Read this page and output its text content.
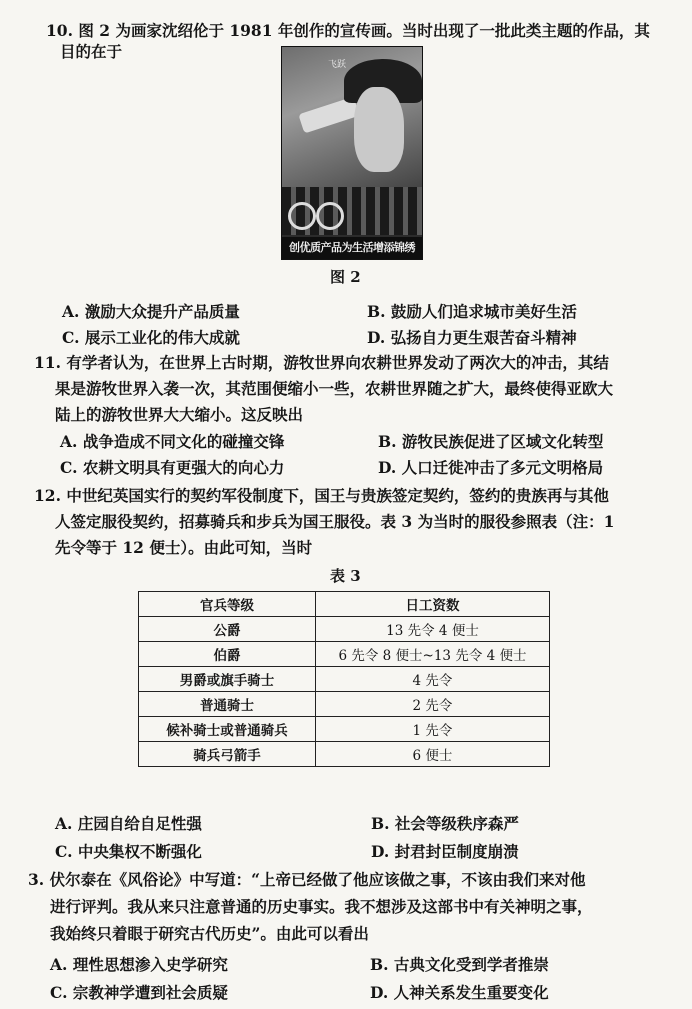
10. 图 2 为画家沈绍伦于 1981 年创作的宣传画。当时出现了一批此类主题的作品，其
目的在于
飞跃
创优质产品为生活增添锦绣
图 2
A. 激励大众提升产品质量	B. 鼓励人们追求城市美好生活
C. 展示工业化的伟大成就	D. 弘扬自力更生艰苦奋斗精神
11. 有学者认为，在世界上古时期，游牧世界向农耕世界发动了两次大的冲击，其结
果是游牧世界入袭一次，其范围便缩小一些，农耕世界随之扩大，最终使得亚欧大
陆上的游牧世界大大缩小。这反映出
A. 战争造成不同文化的碰撞交锋	B. 游牧民族促进了区域文化转型
C. 农耕文明具有更强大的向心力	D. 人口迁徙冲击了多元文明格局
12. 中世纪英国实行的契约军役制度下，国王与贵族签定契约，签约的贵族再与其他
人签定服役契约，招募骑兵和步兵为国王服役。表 3 为当时的服役参照表（注：1
先令等于 12 便士）。由此可知，当时
表 3
官兵等级	日工资数
公爵	13 先令 4 便士
伯爵	6 先令 8 便士~13 先令 4 便士
男爵或旗手骑士	4 先令
普通骑士	2 先令
候补骑士或普通骑兵	1 先令
骑兵弓箭手	6 便士
A. 庄园自给自足性强	B. 社会等级秩序森严
C. 中央集权不断强化	D. 封君封臣制度崩溃
3. 伏尔泰在《风俗论》中写道：“上帝已经做了他应该做之事，不该由我们来对他
进行评判。我从来只注意普通的历史事实。我不想涉及这部书中有关神明之事，
我始终只着眼于研究古代历史”。由此可以看出
A. 理性思想渗入史学研究	B. 古典文化受到学者推崇
C. 宗教神学遭到社会质疑	D. 人神关系发生重要变化
